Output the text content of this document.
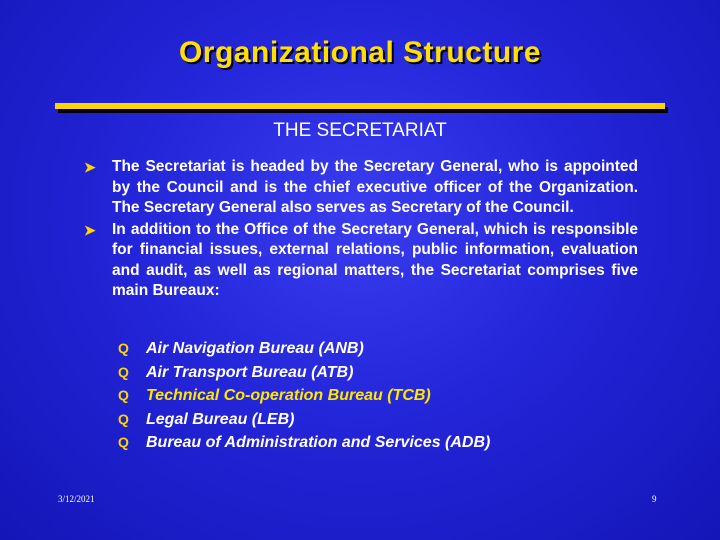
Organizational Structure
THE SECRETARIAT
➤ The Secretariat is headed by the Secretary General, who is appointed by the Council and is the chief executive officer of the Organization. The Secretary General also serves as Secretary of the Council.
➤ In addition to the Office of the Secretary General, which is responsible for financial issues, external relations, public information, evaluation and audit, as well as regional matters, the Secretariat comprises five main Bureaux:
Q Air Navigation Bureau (ANB)
Q Air Transport Bureau (ATB)
Q Technical Co-operation Bureau (TCB)
Q Legal Bureau (LEB)
Q Bureau of Administration and Services (ADB)
3/12/2021	9
